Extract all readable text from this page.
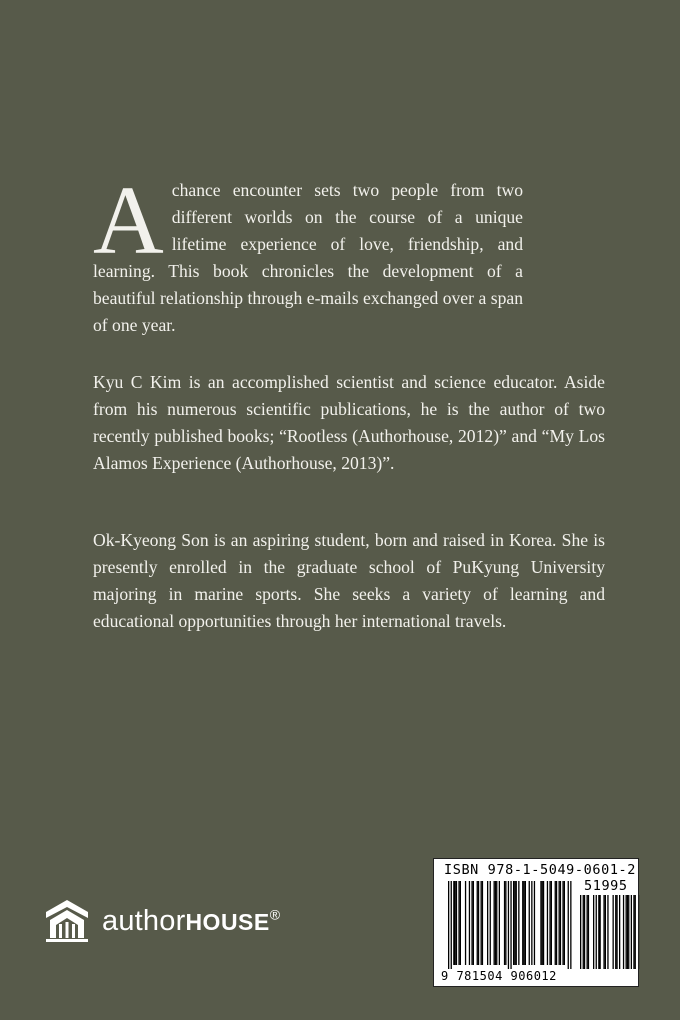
Achance encounter sets two people from two different worlds on the course of a unique lifetime experience of love, friendship, and learning. This book chronicles the development of a beautiful relationship through e-mails exchanged over a span of one year.

Kyu C Kim is an accomplished scientist and science educator. Aside from his numerous scientific publications, he is the author of two recently published books; “Rootless (Authorhouse, 2012)” and “My Los Alamos Experience (Authorhouse, 2013)”.

Ok-Kyeong Son is an aspiring student, born and raised in Korea. She is presently enrolled in the graduate school of PuKyung University majoring in marine sports. She seeks a variety of learning and educational opportunities through her international travels.

authorHOUSE®
ISBN 978-1-5049-0601-2
51995
9 781504 906012
